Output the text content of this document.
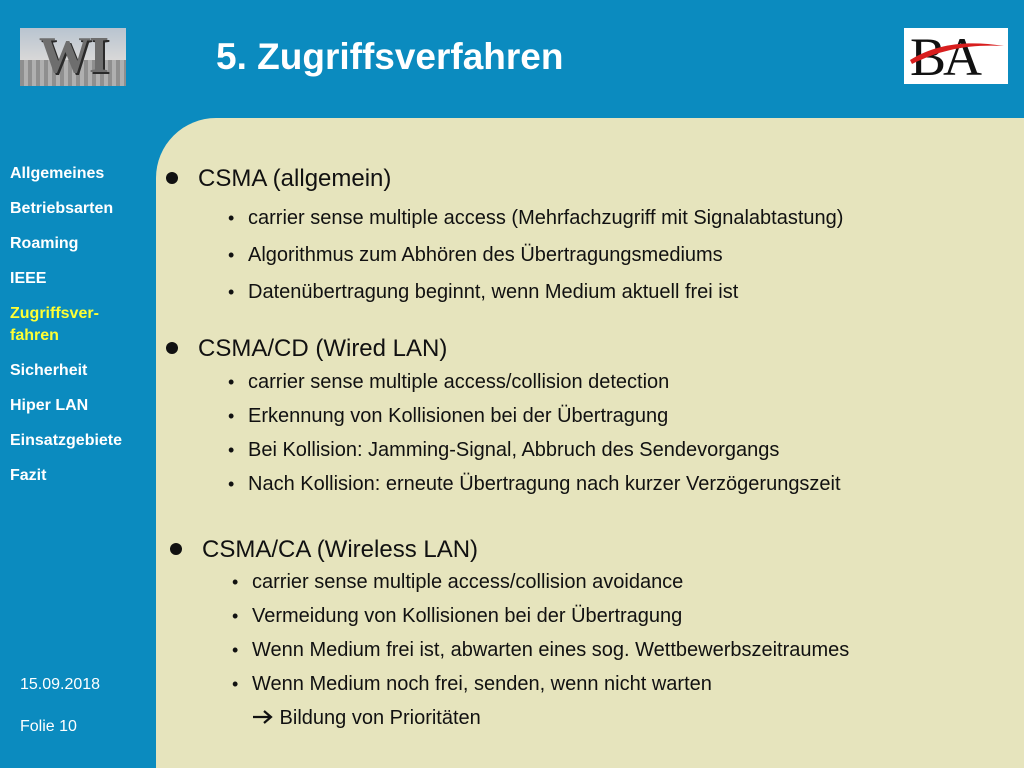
WI	5. Zugriffsverfahren	BA
Allgemeines
Betriebsarten
Roaming
IEEE
Zugriffsver-
fahren
Sicherheit
Hiper LAN
Einsatzgebiete
Fazit
15.09.2018
Folie 10
CSMA (allgemein)
• carrier sense multiple access (Mehrfachzugriff mit Signalabtastung)
• Algorithmus zum Abhören des Übertragungsmediums
• Datenübertragung beginnt, wenn Medium aktuell frei ist
CSMA/CD (Wired LAN)
• carrier sense multiple access/collision detection
• Erkennung von Kollisionen bei der Übertragung
• Bei Kollision: Jamming-Signal, Abbruch des Sendevorgangs
• Nach Kollision: erneute Übertragung nach kurzer Verzögerungszeit
CSMA/CA (Wireless LAN)
• carrier sense multiple access/collision avoidance
• Vermeidung von Kollisionen bei der Übertragung
• Wenn Medium frei ist, abwarten eines sog. Wettbewerbszeitraumes
• Wenn Medium noch frei, senden, wenn nicht warten
Bildung von Prioritäten
